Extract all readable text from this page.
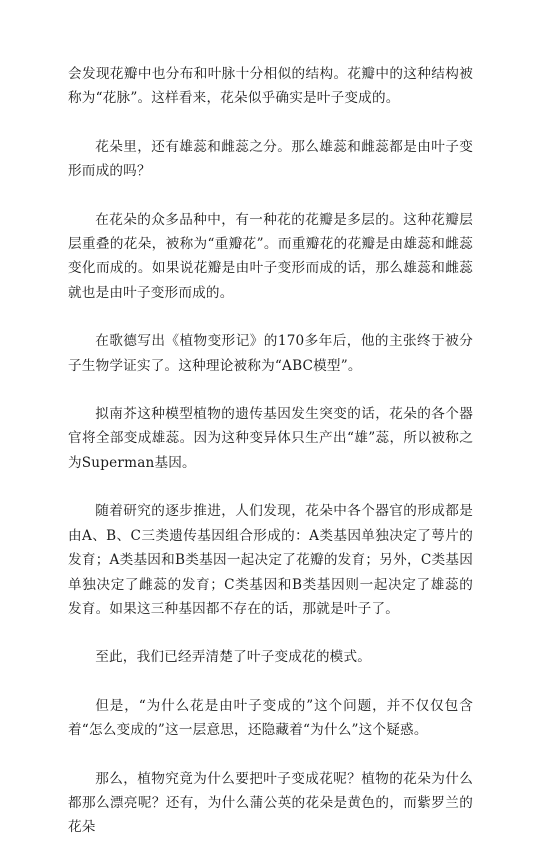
会发现花瓣中也分布和叶脉十分相似的结构。花瓣中的这种结构被称为“花脉”。这样看来，花朵似乎确实是叶子变成的。

花朵里，还有雄蕊和雌蕊之分。那么雄蕊和雌蕊都是由叶子变形而成的吗？

在花朵的众多品种中，有一种花的花瓣是多层的。这种花瓣层层重叠的花朵，被称为“重瓣花”。而重瓣花的花瓣是由雄蕊和雌蕊变化而成的。如果说花瓣是由叶子变形而成的话，那么雄蕊和雌蕊就也是由叶子变形而成的。

在歌德写出《植物变形记》的170多年后，他的主张终于被分子生物学证实了。这种理论被称为“ABC模型”。

拟南芥这种模型植物的遗传基因发生突变的话，花朵的各个器官将全部变成雄蕊。因为这种变异体只生产出“雄”蕊，所以被称之为Superman基因。

随着研究的逐步推进，人们发现，花朵中各个器官的形成都是由A、B、C三类遗传基因组合形成的：A类基因单独决定了萼片的发育；A类基因和B类基因一起决定了花瓣的发育；另外，C类基因单独决定了雌蕊的发育；C类基因和B类基因则一起决定了雄蕊的发育。如果这三种基因都不存在的话，那就是叶子了。

至此，我们已经弄清楚了叶子变成花的模式。

但是，“为什么花是由叶子变成的”这个问题，并不仅仅包含着“怎么变成的”这一层意思，还隐藏着“为什么”这个疑惑。

那么，植物究竟为什么要把叶子变成花呢？植物的花朵为什么都那么漂亮呢？还有，为什么蒲公英的花朵是黄色的，而紫罗兰的花朵
